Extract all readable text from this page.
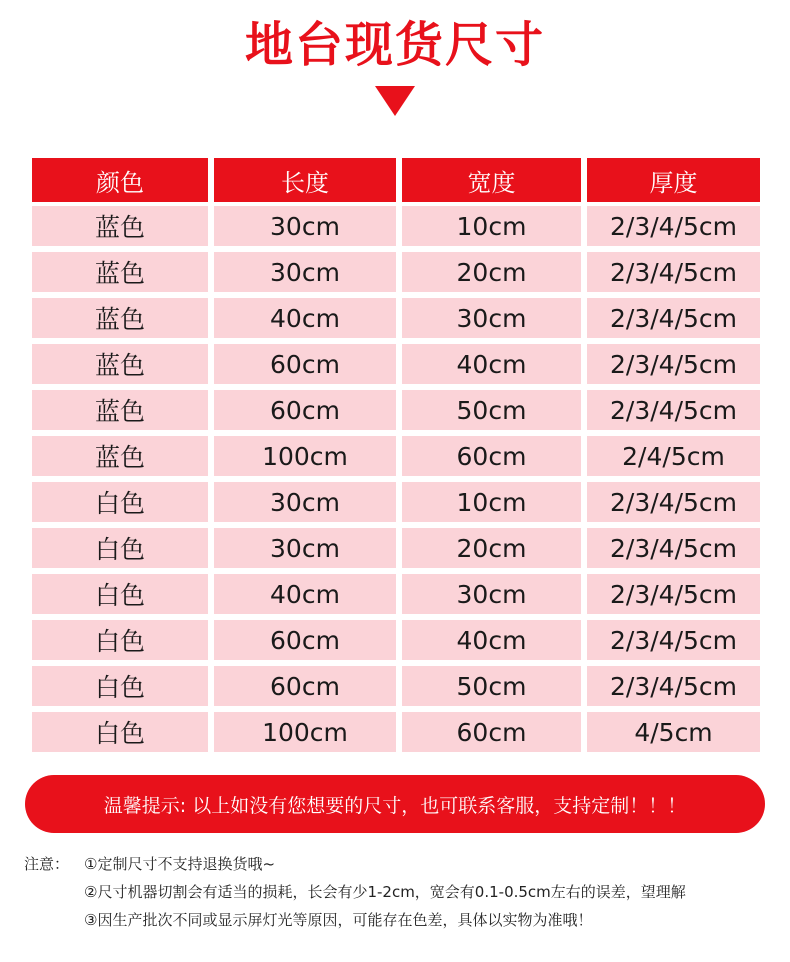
地台现货尺寸
颜色	长度	宽度	厚度
蓝色	30cm	10cm	2/3/4/5cm
蓝色	30cm	20cm	2/3/4/5cm
蓝色	40cm	30cm	2/3/4/5cm
蓝色	60cm	40cm	2/3/4/5cm
蓝色	60cm	50cm	2/3/4/5cm
蓝色	100cm	60cm	2/4/5cm
白色	30cm	10cm	2/3/4/5cm
白色	30cm	20cm	2/3/4/5cm
白色	40cm	30cm	2/3/4/5cm
白色	60cm	40cm	2/3/4/5cm
白色	60cm	50cm	2/3/4/5cm
白色	100cm	60cm	4/5cm
温馨提示: 以上如没有您想要的尺寸，也可联系客服，支持定制！！！
注意： ①定制尺寸不支持退换货哦~
②尺寸机器切割会有适当的损耗，长会有少1-2cm，宽会有0.1-0.5cm左右的误差，望理解
③因生产批次不同或显示屏灯光等原因，可能存在色差，具体以实物为准哦！
